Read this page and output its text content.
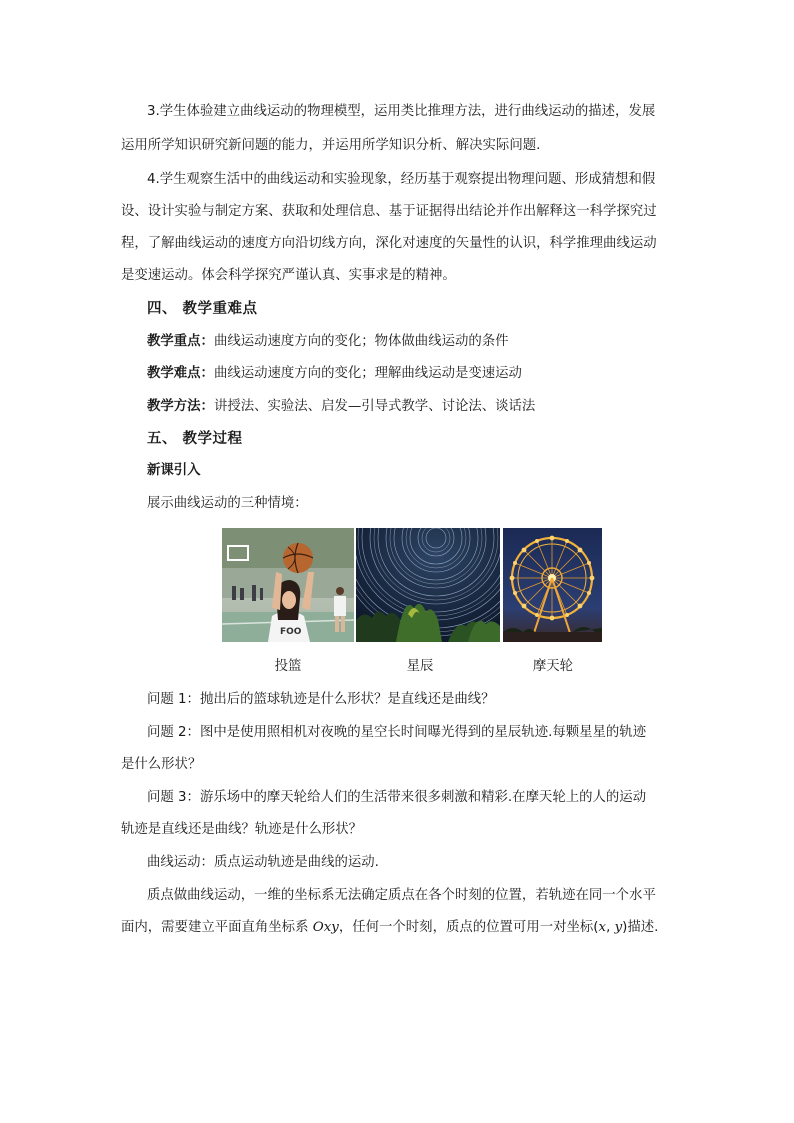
3.学生体验建立曲线运动的物理模型，运用类比推理方法，进行曲线运动的描述，发展
运用所学知识研究新问题的能力，并运用所学知识分析、解决实际问题.
4.学生观察生活中的曲线运动和实验现象，经历基于观察提出物理问题、形成猜想和假
设、设计实验与制定方案、获取和处理信息、基于证据得出结论并作出解释这一科学探究过
程，了解曲线运动的速度方向沿切线方向，深化对速度的矢量性的认识，科学推理曲线运动
是变速运动。体会科学探究严谨认真、实事求是的精神。
四、 教学重难点
教学重点：曲线运动速度方向的变化；物体做曲线运动的条件
教学难点：曲线运动速度方向的变化；理解曲线运动是变速运动
教学方法：讲授法、实验法、启发—引导式教学、讨论法、谈话法
五、 教学过程
新课引入
展示曲线运动的三种情境：
FOO
投篮	星辰	摩天轮
问题 1：抛出后的篮球轨迹是什么形状？是直线还是曲线？
问题 2：图中是使用照相机对夜晚的星空长时间曝光得到的星辰轨迹.每颗星星的轨迹
是什么形状？
问题 3：游乐场中的摩天轮给人们的生活带来很多刺激和精彩.在摩天轮上的人的运动
轨迹是直线还是曲线？轨迹是什么形状？
曲线运动：质点运动轨迹是曲线的运动.
质点做曲线运动，一维的坐标系无法确定质点在各个时刻的位置，若轨迹在同一个水平
面内，需要建立平面直角坐标系 Oxy，任何一个时刻，质点的位置可用一对坐标(x, y)描述.
